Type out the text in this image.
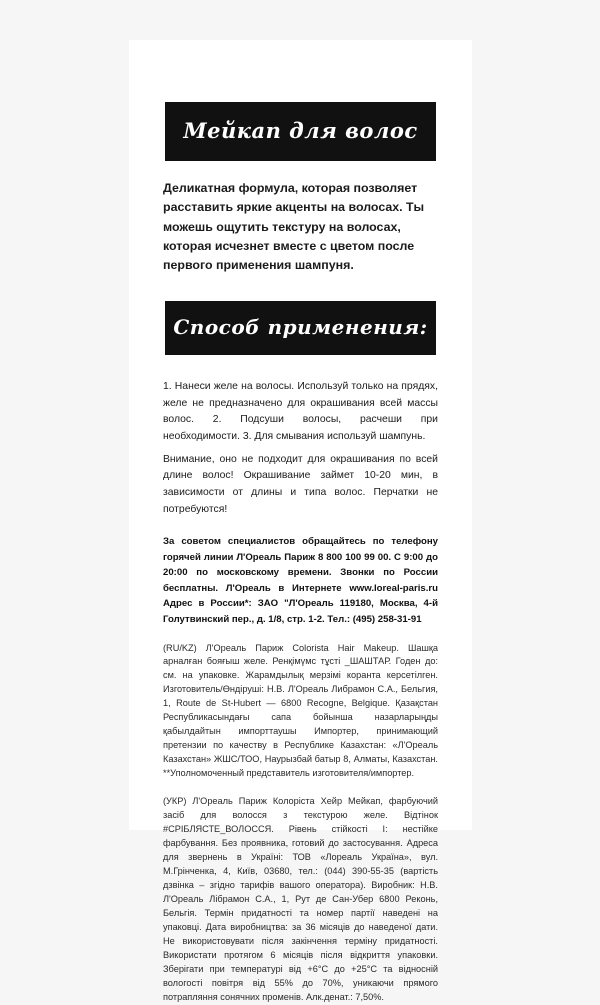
Мейкап для волос

Деликатная формула, которая позволяет расставить яркие акценты на волосах. Ты можешь ощутить текстуру на волосах, которая исчезнет вместе с цветом после первого применения шампуня.

Способ применения:

1. Нанеси желе на волосы. Используй только на прядях, желе не предназначено для окрашивания всей массы волос. 2. Подсуши волосы, расчеши при необходимости. 3. Для смывания используй шампунь.

Внимание, оно не подходит для окрашивания по всей длине волос! Окрашивание займет 10-20 мин, в зависимости от длины и типа волос. Перчатки не потребуются!

За советом специалистов обращайтесь по телефону горячей линии Л'Ореаль Париж 8 800 100 99 00. С 9:00 до 20:00 по московскому времени. Звонки по России бесплатны. Л'Ореаль в Интернете www.loreal-paris.ru Адрес в России*: ЗАО "Л'Ореаль 119180, Москва, 4-й Голутвинский пер., д. 1/8, стр. 1-2. Тел.: (495) 258-31-91

(RU/KZ) Л'Ореаль Париж Colorista Hair Makeup. Шашқа арналған бояғыш желе. Ренқімүмс тұсті _ШАШТАР. Годен до: см. на упаковке. Жарамдылық мерзімі коранта керсетілген. Изготовитель/Өндіруші: Н.В. Л'Ореаль Либрамон С.А., Бельгия, 1, Route de St-Hubert — 6800 Recogne, Belgique. Қазақстан Республикасындағы сапа бойынша назарларыңды қабылдайтын импорттаушы Импортер, принимающий претензии по качеству в Республике Казахстан: «Л'Ореаль Казахстан» ЖШС/ТОО, Наурызбай батыр 8, Алматы, Казахстан. **Уполномоченный представитель изготовителя/импортер.

(УКР) Л'Ореаль Париж Колоріста Хейр Мейкап, фарбуючий засіб для волосся з текстурою желе. Відтінок #СРІБЛЯСТЕ_ВОЛОССЯ. Рівень стійкості І: нестійке фарбування. Без проявника, готовий до застосування. Адреса для звернень в Україні: ТОВ «Лореаль Україна», вул. М.Грінченка, 4, Київ, 03680, тел.: (044) 390-55-35 (вартість дзвінка – згідно тарифів вашого оператора). Виробник: Н.В. Л'Ореаль Лібрамон С.А., 1, Рут де Сан-Убер 6800 Реконь, Бельгія. Термін придатності та номер партії наведені на упаковці. Дата виробництва: за 36 місяців до наведеної дати. Не використовувати після закінчення терміну придатності. Використати протягом 6 місяців після відкриття упаковки. Зберігати при температурі від +6°C до +25°C та відносній вологості повітря від 55% до 70%, уникаючи прямого потрапляння сонячних променів. Алк.денат.: 7,50%.
